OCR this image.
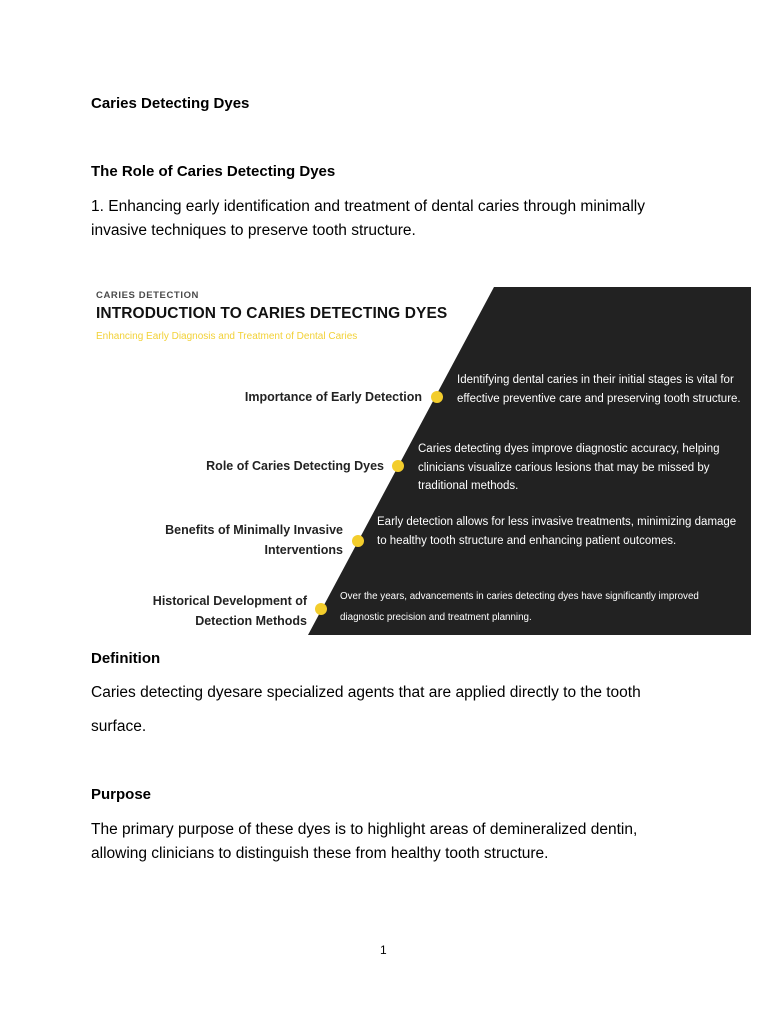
Caries Detecting Dyes

The Role of Caries Detecting Dyes

1. Enhancing early identification and treatment of dental caries through minimally invasive techniques to preserve tooth structure.

CARIES DETECTION
INTRODUCTION TO CARIES DETECTING DYES
Enhancing Early Diagnosis and Treatment of Dental Caries
Importance of Early Detection
Identifying dental caries in their initial stages is vital for effective preventive care and preserving tooth structure.
Role of Caries Detecting Dyes
Caries detecting dyes improve diagnostic accuracy, helping clinicians visualize carious lesions that may be missed by traditional methods.
Benefits of Minimally Invasive Interventions
Early detection allows for less invasive treatments, minimizing damage to healthy tooth structure and enhancing patient outcomes.
Historical Development of Detection Methods
Over the years, advancements in caries detecting dyes have significantly improved diagnostic precision and treatment planning.

Definition

Caries detecting dyesare specialized agents that are applied directly to the tooth surface.

Purpose

The primary purpose of these dyes is to highlight areas of demineralized dentin, allowing clinicians to distinguish these from healthy tooth structure.

1
